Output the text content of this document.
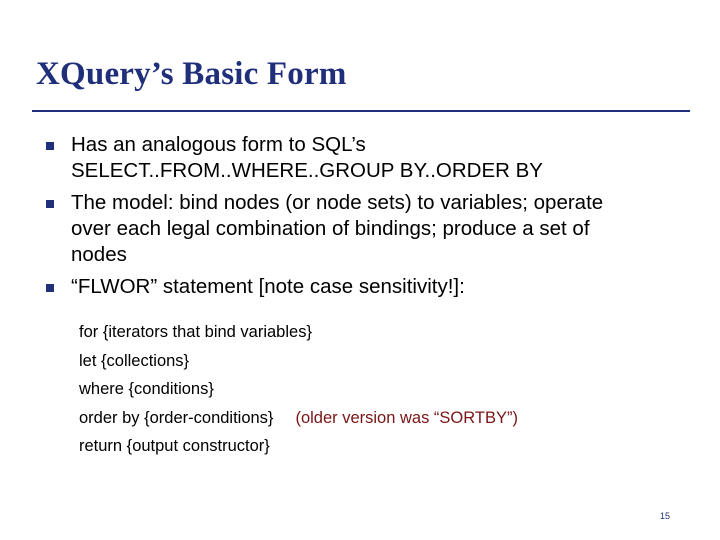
XQuery’s Basic Form
Has an analogous form to SQL’s
SELECT..FROM..WHERE..GROUP BY..ORDER BY
The model: bind nodes (or node sets) to variables; operate
over each legal combination of bindings; produce a set of
nodes
“FLWOR” statement [note case sensitivity!]:
for {iterators that bind variables}
let {collections}
where {conditions}
order by {order-conditions} (older version was “SORTBY”)
return {output constructor}
15
